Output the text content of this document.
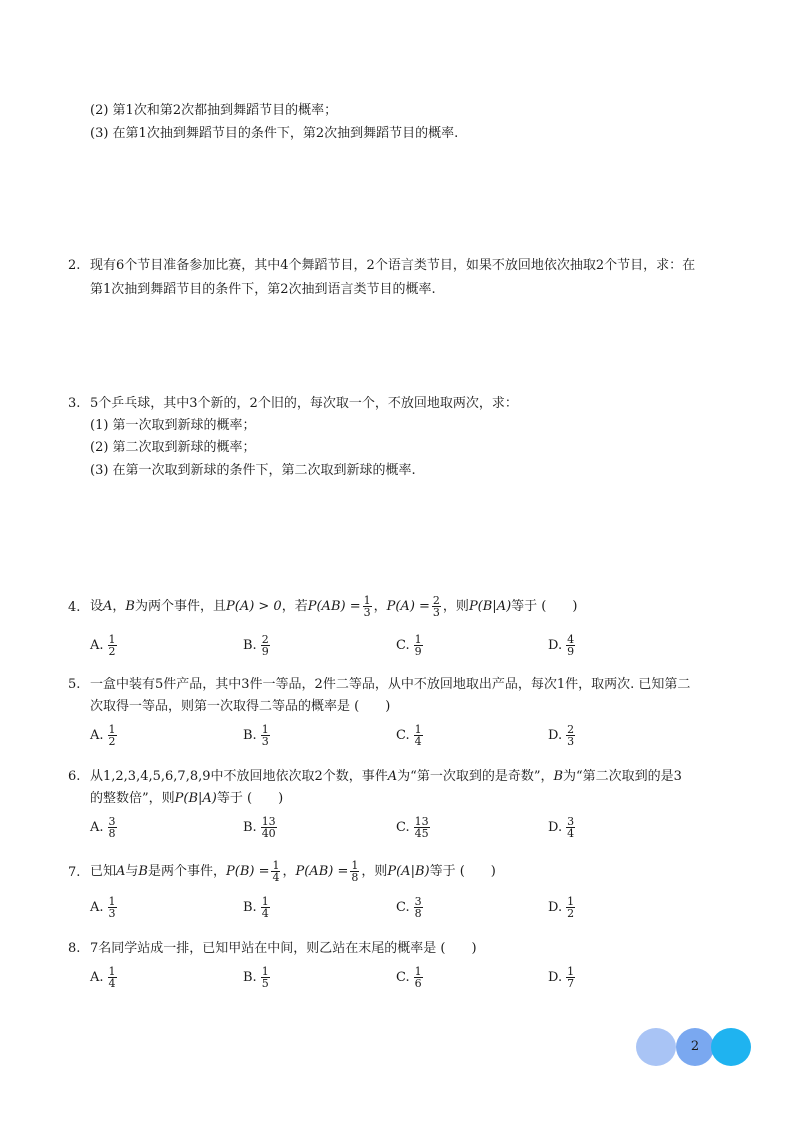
(2) 第1次和第2次都抽到舞蹈节目的概率；
(3) 在第1次抽到舞蹈节目的条件下，第2次抽到舞蹈节目的概率.
2. 现有6个节目准备参加比赛，其中4个舞蹈节目，2个语言类节目，如果不放回地依次抽取2个节目，求：在
第1次抽到舞蹈节目的条件下，第2次抽到语言类节目的概率.
3. 5个乒乓球，其中3个新的，2个旧的，每次取一个，不放回地取两次，求：
(1) 第一次取到新球的概率；
(2) 第二次取到新球的概率；
(3) 在第一次取到新球的条件下，第二次取到新球的概率.
4. 设A，B为两个事件，且P(A) > 0，若$P(AB) = \frac{1}{3}$ ，$P(A) = \frac{2}{3}$ ，则P(B|A)等于 ( )
A. $\frac{1}{2}$	B. $\frac{2}{9}$	C. $\frac{1}{9}$	D. $\frac{4}{9}$
5. 一盒中装有5件产品，其中3件一等品，2件二等品，从中不放回地取出产品，每次1件，取两次. 已知第二
次取得一等品，则第一次取得二等品的概率是 ( )
A. $\frac{1}{2}$	B. $\frac{1}{3}$	C. $\frac{1}{4}$	D. $\frac{2}{3}$
6. 从1,2,3,4,5,6,7,8,9中不放回地依次取2个数，事件A为“第一次取到的是奇数”，B为“第二次取到的是3
的整数倍”，则P(B|A)等于 ( )
A. $\frac{3}{8}$	B. $\frac{13}{40}$	C. $\frac{13}{45}$	D. $\frac{3}{4}$
7. 已知A与B是两个事件，$P(B) = \frac{1}{4}$ ，$P(AB) = \frac{1}{8}$ ，则P(A|B)等于 ( )
A. $\frac{1}{3}$	B. $\frac{1}{4}$	C. $\frac{3}{8}$	D. $\frac{1}{2}$
8. 7名同学站成一排，已知甲站在中间，则乙站在末尾的概率是 ( )
A. $\frac{1}{4}$	B. $\frac{1}{5}$	C. $\frac{1}{6}$	D. $\frac{1}{7}$
2
